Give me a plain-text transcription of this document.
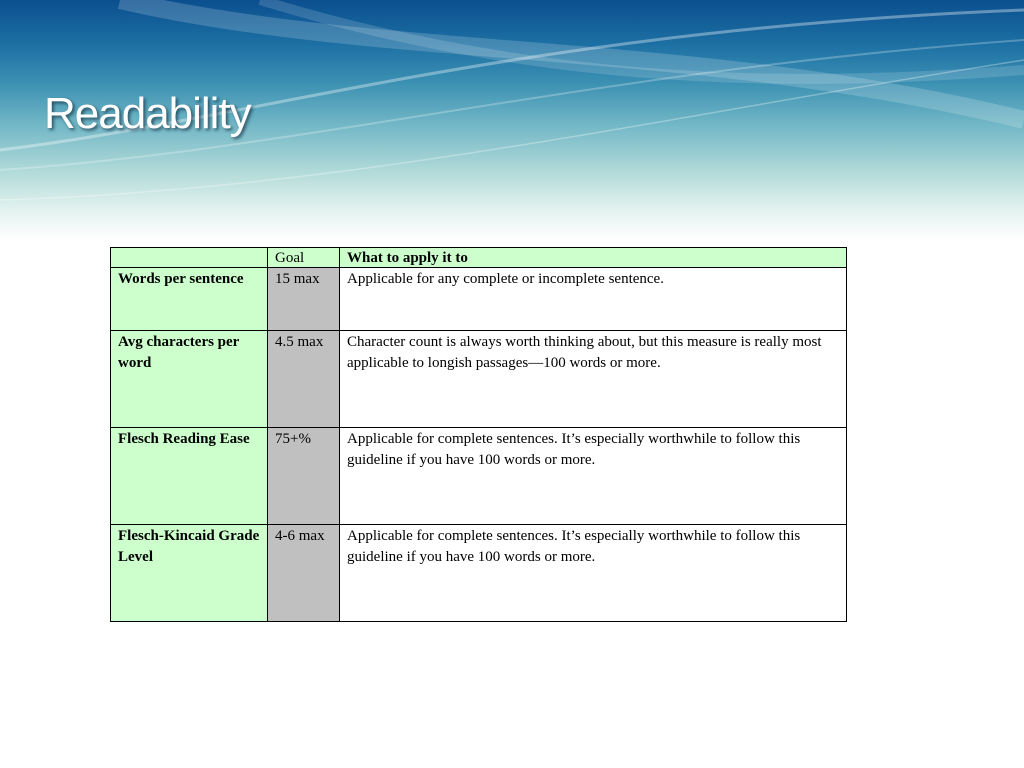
Readability
	Goal	What to apply it to
Words per sentence	15 max	Applicable for any complete or incomplete sentence.
Avg characters per word	4.5 max	Character count is always worth thinking about, but this measure is really most applicable to longish passages—100 words or more.
Flesch Reading Ease	75+%	Applicable for complete sentences. It’s especially worthwhile to follow this guideline if you have 100 words or more.
Flesch-Kincaid Grade Level	4-6 max	Applicable for complete sentences. It’s especially worthwhile to follow this guideline if you have 100 words or more.
